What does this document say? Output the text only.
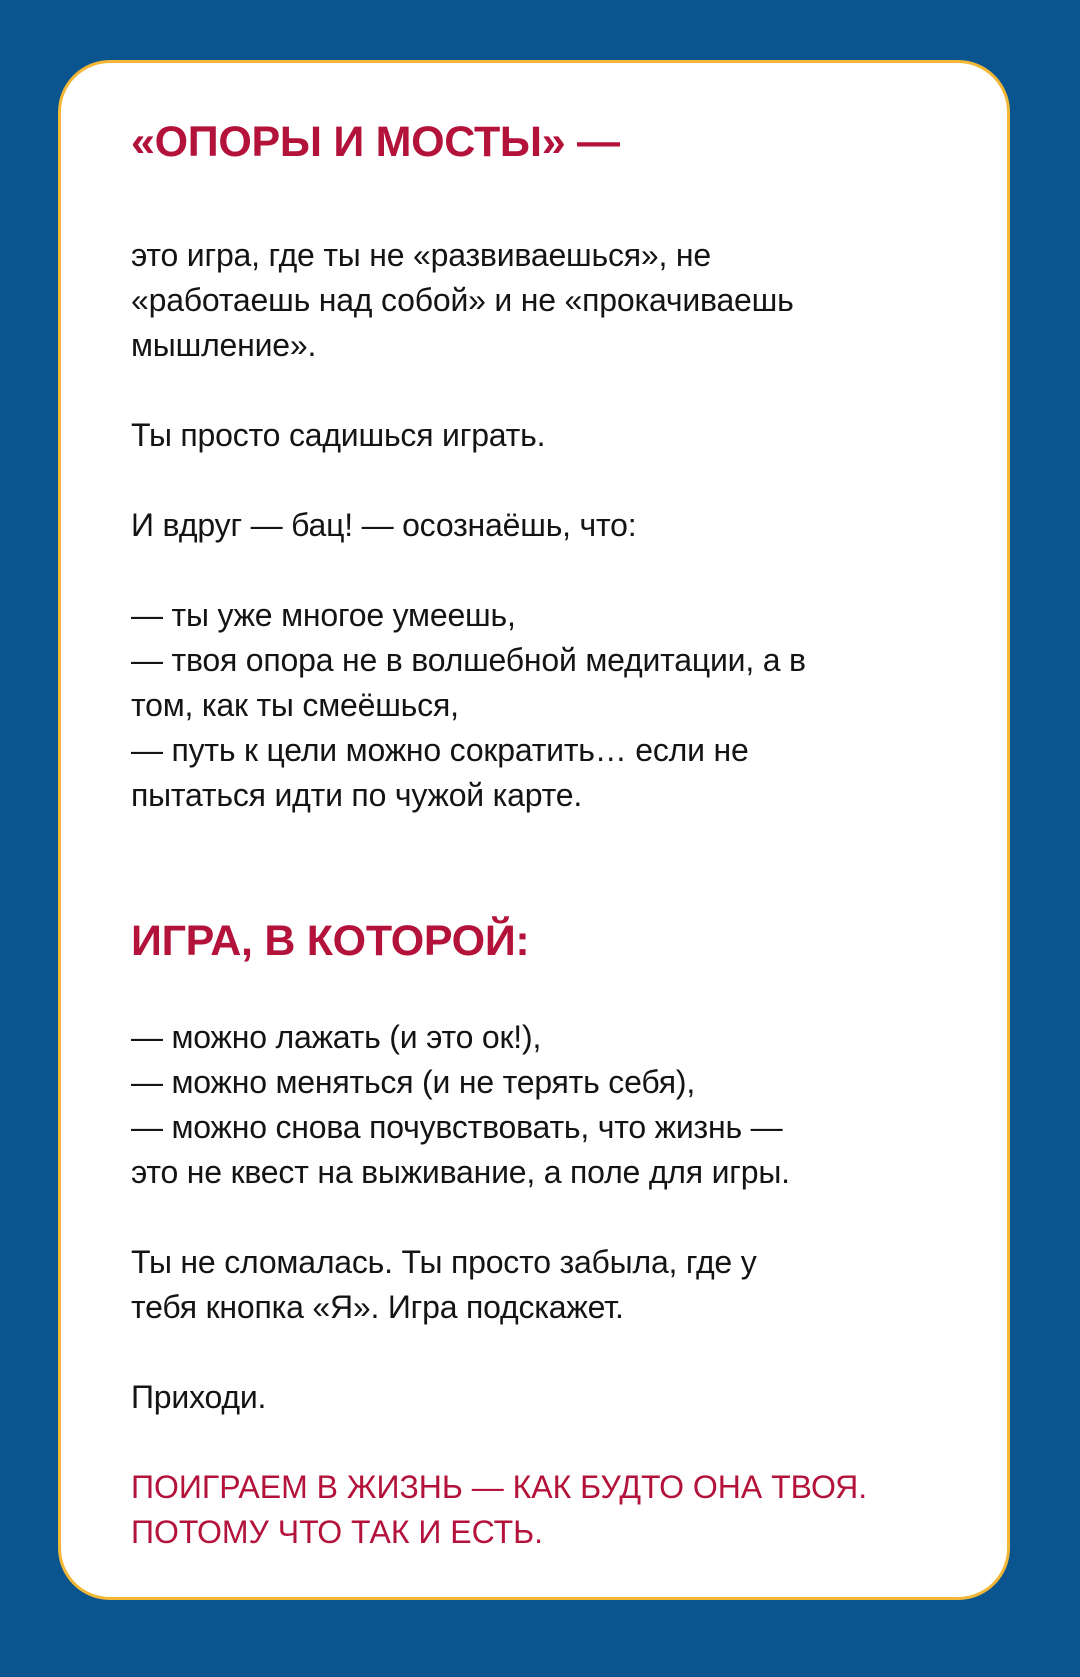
«ОПОРЫ И МОСТЫ» —

это игра, где ты не «развиваешься», не
«работаешь над собой» и не «прокачиваешь
мышление».

Ты просто садишься играть.

И вдруг — бац! — осознаёшь, что:

— ты уже многое умеешь,
— твоя опора не в волшебной медитации, а в
том, как ты смеёшься,
— путь к цели можно сократить… если не
пытаться идти по чужой карте.

ИГРА, В КОТОРОЙ:

— можно лажать (и это ок!),
— можно меняться (и не терять себя),
— можно снова почувствовать, что жизнь —
это не квест на выживание, а поле для игры.

Ты не сломалась. Ты просто забыла, где у
тебя кнопка «Я». Игра подскажет.

Приходи.

ПОИГРАЕМ В ЖИЗНЬ — КАК БУДТО ОНА ТВОЯ.
ПОТОМУ ЧТО ТАК И ЕСТЬ.
